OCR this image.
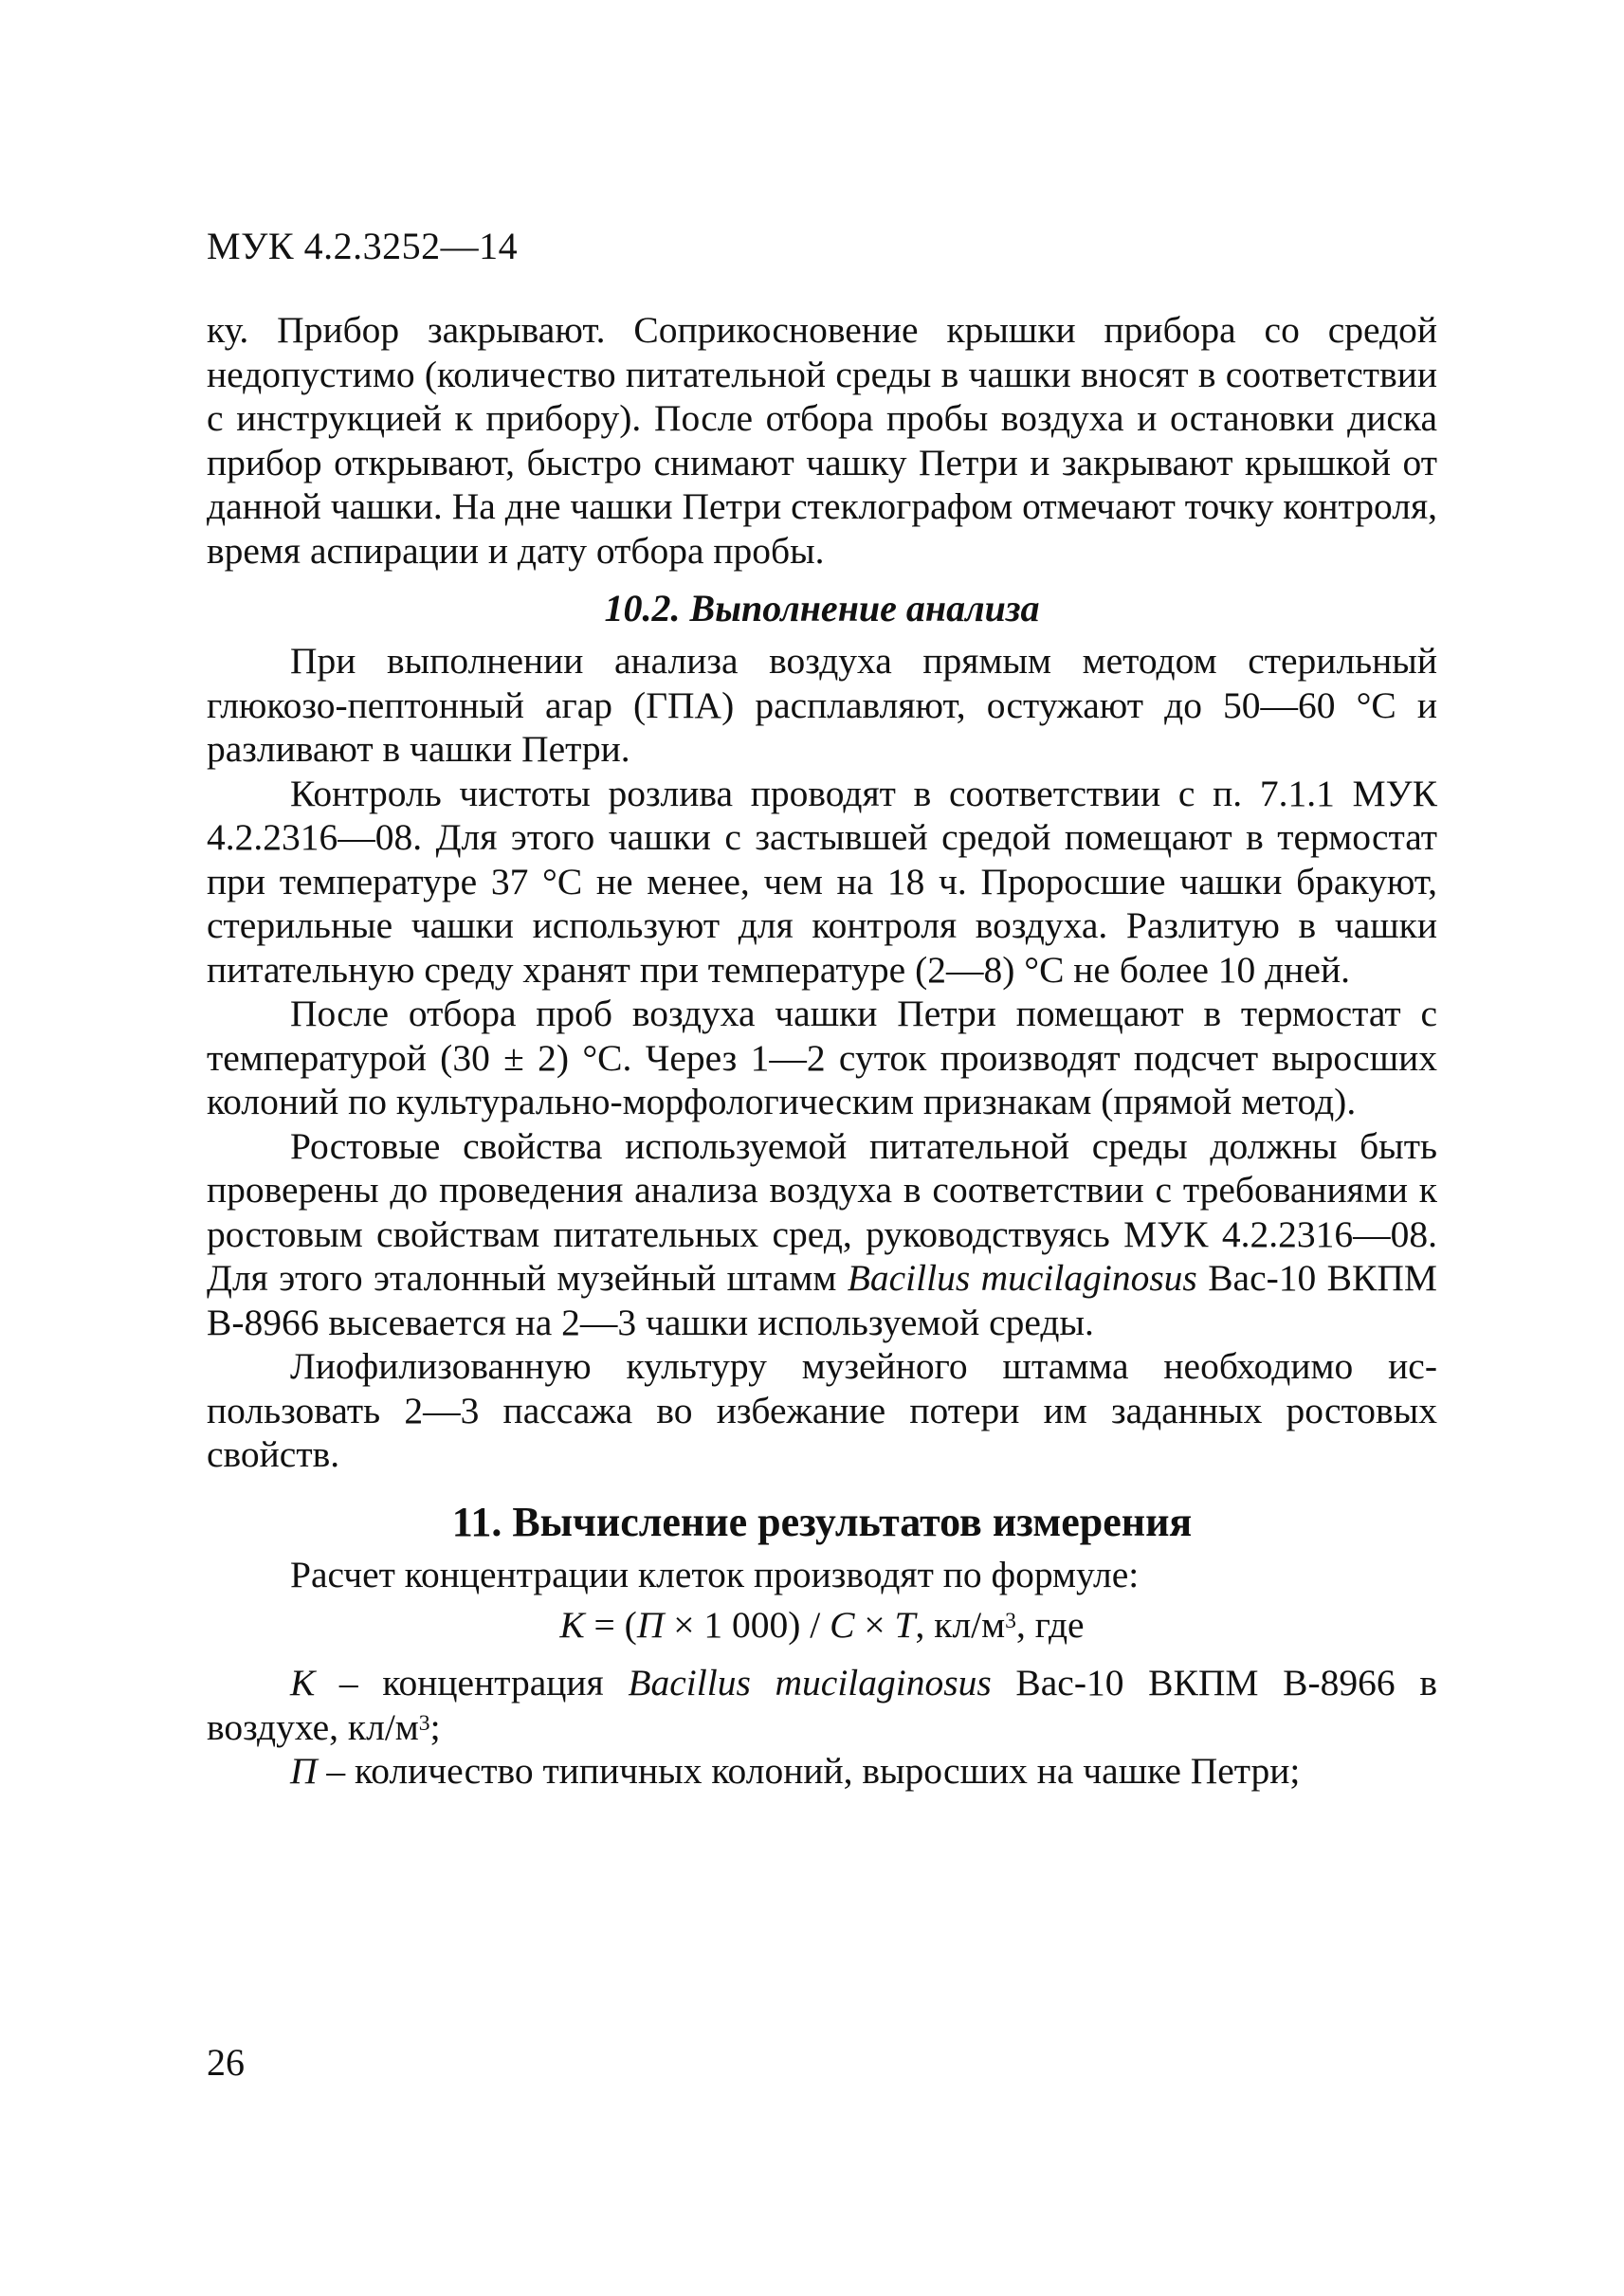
МУК 4.2.3252—14

ку. Прибор закрывают. Соприкосновение крышки прибора со средой недопустимо (количество питательной среды в чашки вносят в соответствии с инструкцией к прибору). После отбора пробы воздуха и остановки диска прибор открывают, быстро снимают чашку Петри и закрывают крышкой от данной чашки. На дне чашки Петри стеклографом отмечают точку контроля, время аспирации и дату отбора пробы.

10.2. Выполнение анализа

При выполнении анализа воздуха прямым методом стерильный глюкозо-пептонный агар (ГПА) расплавляют, остужают до 50—60 °С и разливают в чашки Петри.

Контроль чистоты розлива проводят в соответствии с п. 7.1.1 МУК 4.2.2316—08. Для этого чашки с застывшей средой помещают в термостат при температуре 37 °С не менее, чем на 18 ч. Проросшие чашки бракуют, стерильные чашки используют для контроля воздуха. Разлитую в чашки питательную среду хранят при температуре (2—8) °С не более 10 дней.

После отбора проб воздуха чашки Петри помещают в термостат с температурой (30 ± 2) °С. Через 1—2 суток производят подсчет выросших колоний по культурально-морфологическим признакам (прямой метод).

Ростовые свойства используемой питательной среды должны быть проверены до проведения анализа воздуха в соответствии с требованиями к ростовым свойствам питательных сред, руководствуясь МУК 4.2.2316—08. Для этого эталонный музейный штамм Bacillus mucilaginosus Вас-10 ВКПМ В-8966 высевается на 2—3 чашки используемой среды.

Лиофилизованную культуру музейного штамма необходимо использовать 2—3 пассажа во избежание потери им заданных ростовых свойств.

11. Вычисление результатов измерения

Расчет концентрации клеток производят по формуле:

К = (П × 1 000) / С × Т, $кл/м^3$, где

К – концентрация Bacillus mucilaginosus Вас-10 ВКПМ В-8966 в воздухе, $кл/м^3$;

П – количество типичных колоний, выросших на чашке Петри;

26
